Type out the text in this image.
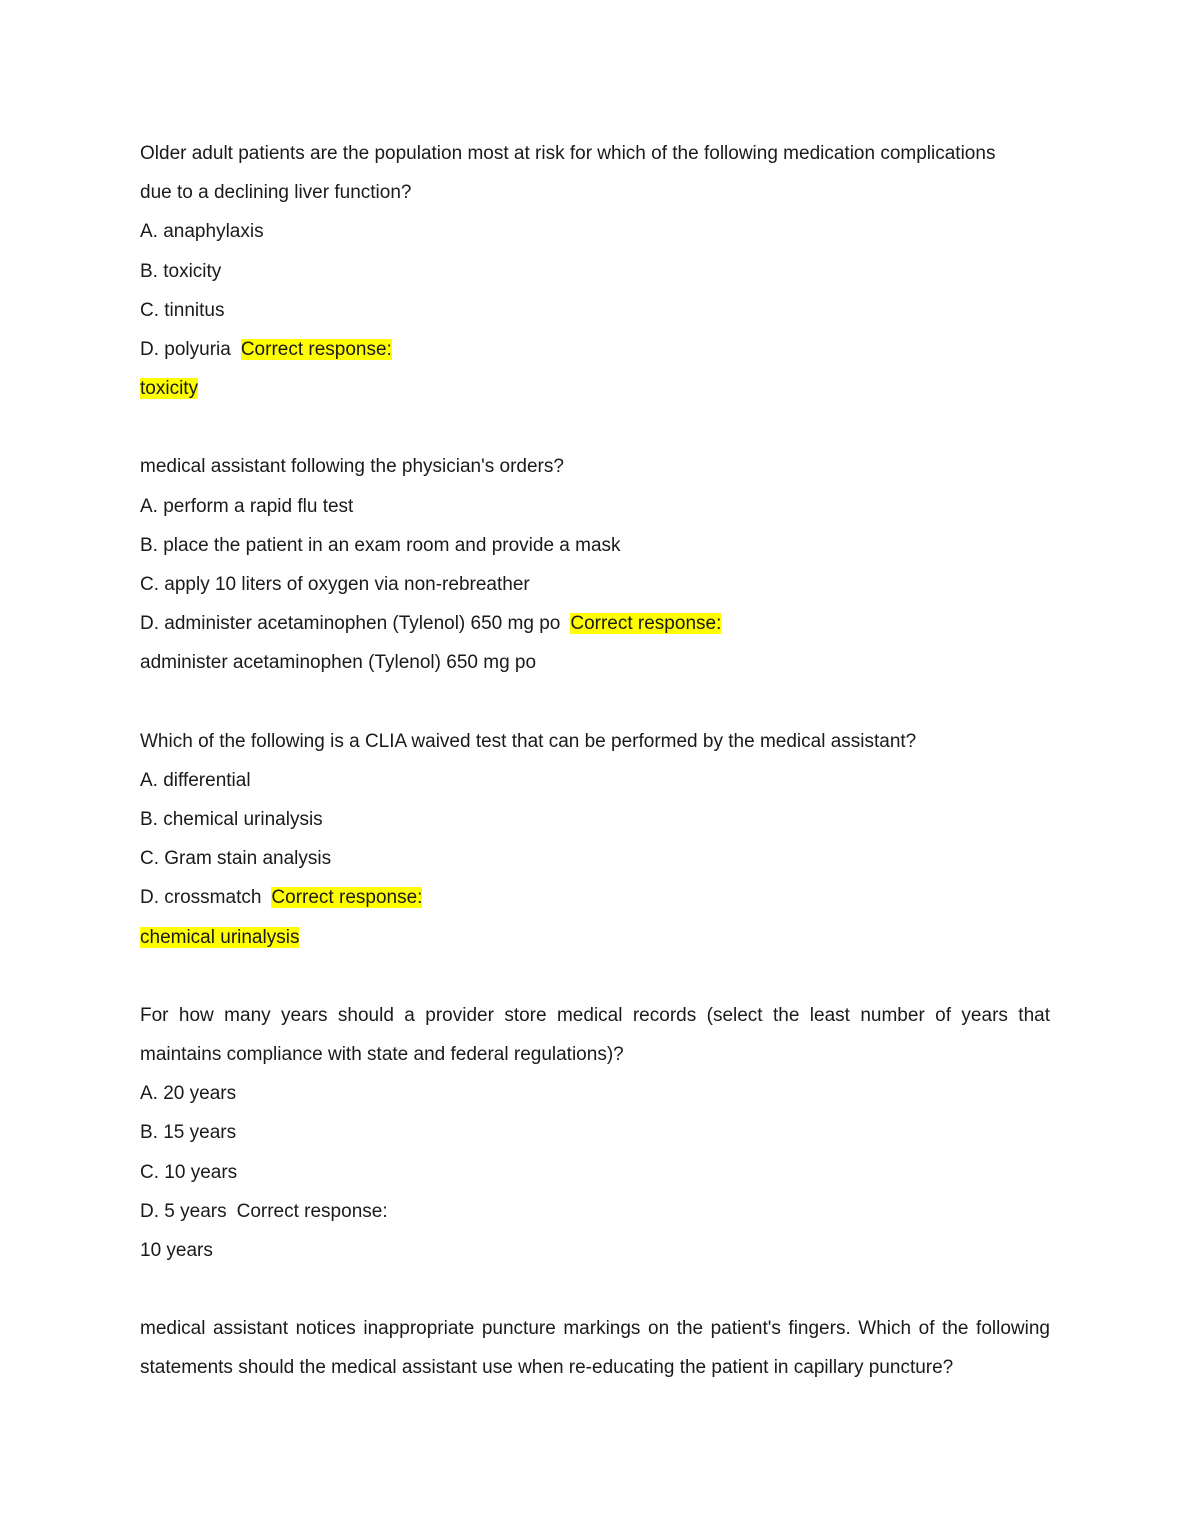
Older adult patients are the population most at risk for which of the following medication complications
due to a declining liver function?
A. anaphylaxis
B. toxicity
C. tinnitus
D. polyuria Correct response:
toxicity
medical assistant following the physician's orders?
A. perform a rapid flu test
B. place the patient in an exam room and provide a mask
C. apply 10 liters of oxygen via non-rebreather
D. administer acetaminophen (Tylenol) 650 mg po Correct response:
administer acetaminophen (Tylenol) 650 mg po
Which of the following is a CLIA waived test that can be performed by the medical assistant?
A. differential
B. chemical urinalysis
C. Gram stain analysis
D. crossmatch Correct response:
chemical urinalysis
For how many years should a provider store medical records (select the least number of years that
maintains compliance with state and federal regulations)?
A. 20 years
B. 15 years
C. 10 years
D. 5 years Correct response:
10 years
medical assistant notices inappropriate puncture markings on the patient's fingers. Which of the following
statements should the medical assistant use when re-educating the patient in capillary puncture?
